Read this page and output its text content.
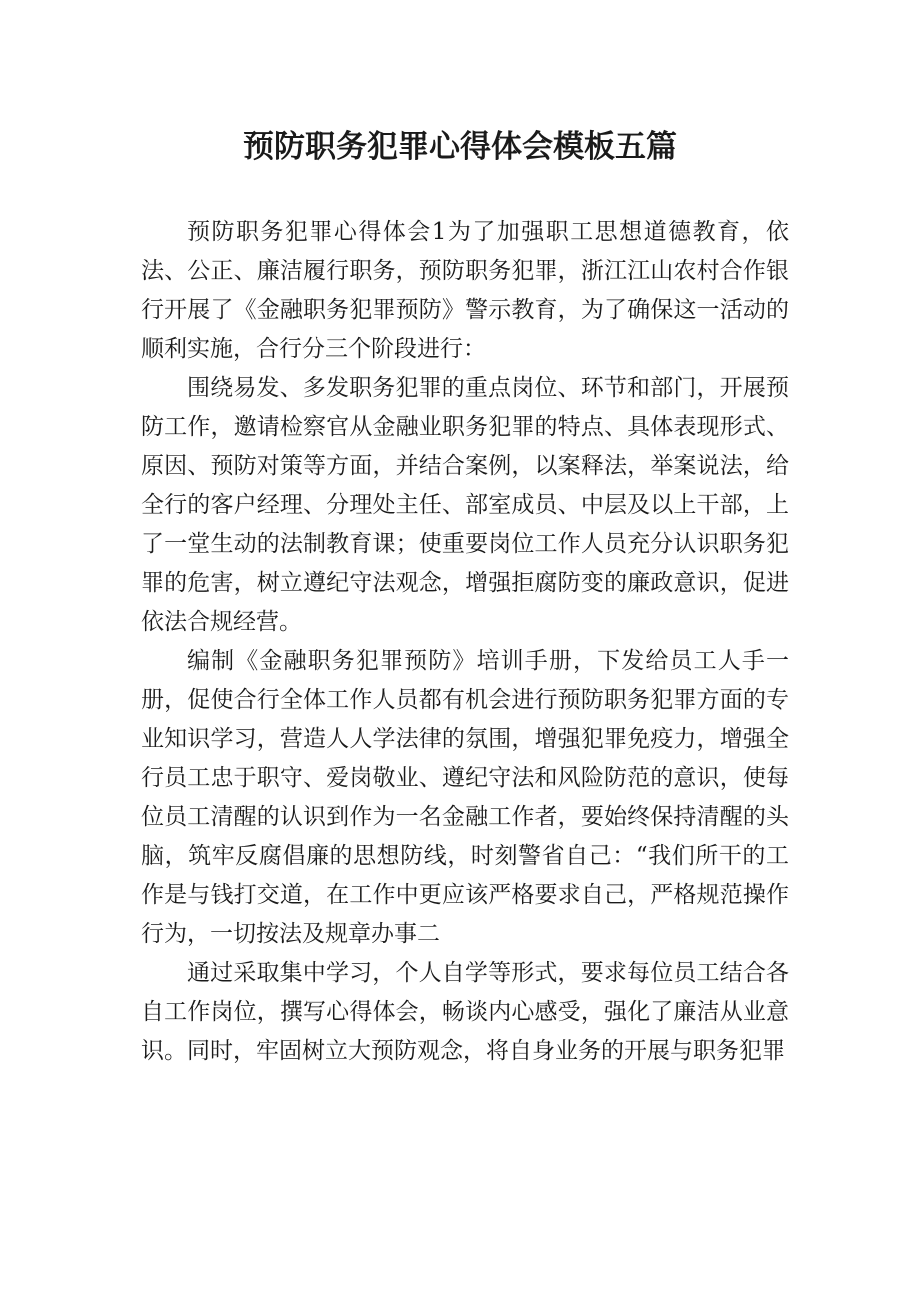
预防职务犯罪心得体会模板五篇

预防职务犯罪心得体会1为了加强职工思想道德教育，依法、公正、廉洁履行职务，预防职务犯罪，浙江江山农村合作银行开展了《金融职务犯罪预防》警示教育，为了确保这一活动的顺利实施，合行分三个阶段进行：

围绕易发、多发职务犯罪的重点岗位、环节和部门，开展预防工作，邀请检察官从金融业职务犯罪的特点、具体表现形式、原因、预防对策等方面，并结合案例，以案释法，举案说法，给全行的客户经理、分理处主任、部室成员、中层及以上干部，上了一堂生动的法制教育课；使重要岗位工作人员充分认识职务犯罪的危害，树立遵纪守法观念，增强拒腐防变的廉政意识，促进依法合规经营。

编制《金融职务犯罪预防》培训手册，下发给员工人手一册，促使合行全体工作人员都有机会进行预防职务犯罪方面的专业知识学习，营造人人学法律的氛围，增强犯罪免疫力，增强全行员工忠于职守、爱岗敬业、遵纪守法和风险防范的意识，使每位员工清醒的认识到作为一名金融工作者，要始终保持清醒的头脑，筑牢反腐倡廉的思想防线，时刻警省自己：“我们所干的工作是与钱打交道，在工作中更应该严格要求自己，严格规范操作行为，一切按法及规章办事二

通过采取集中学习，个人自学等形式，要求每位员工结合各自工作岗位，撰写心得体会，畅谈内心感受，强化了廉洁从业意识。同时，牢固树立大预防观念，将自身业务的开展与职务犯罪
